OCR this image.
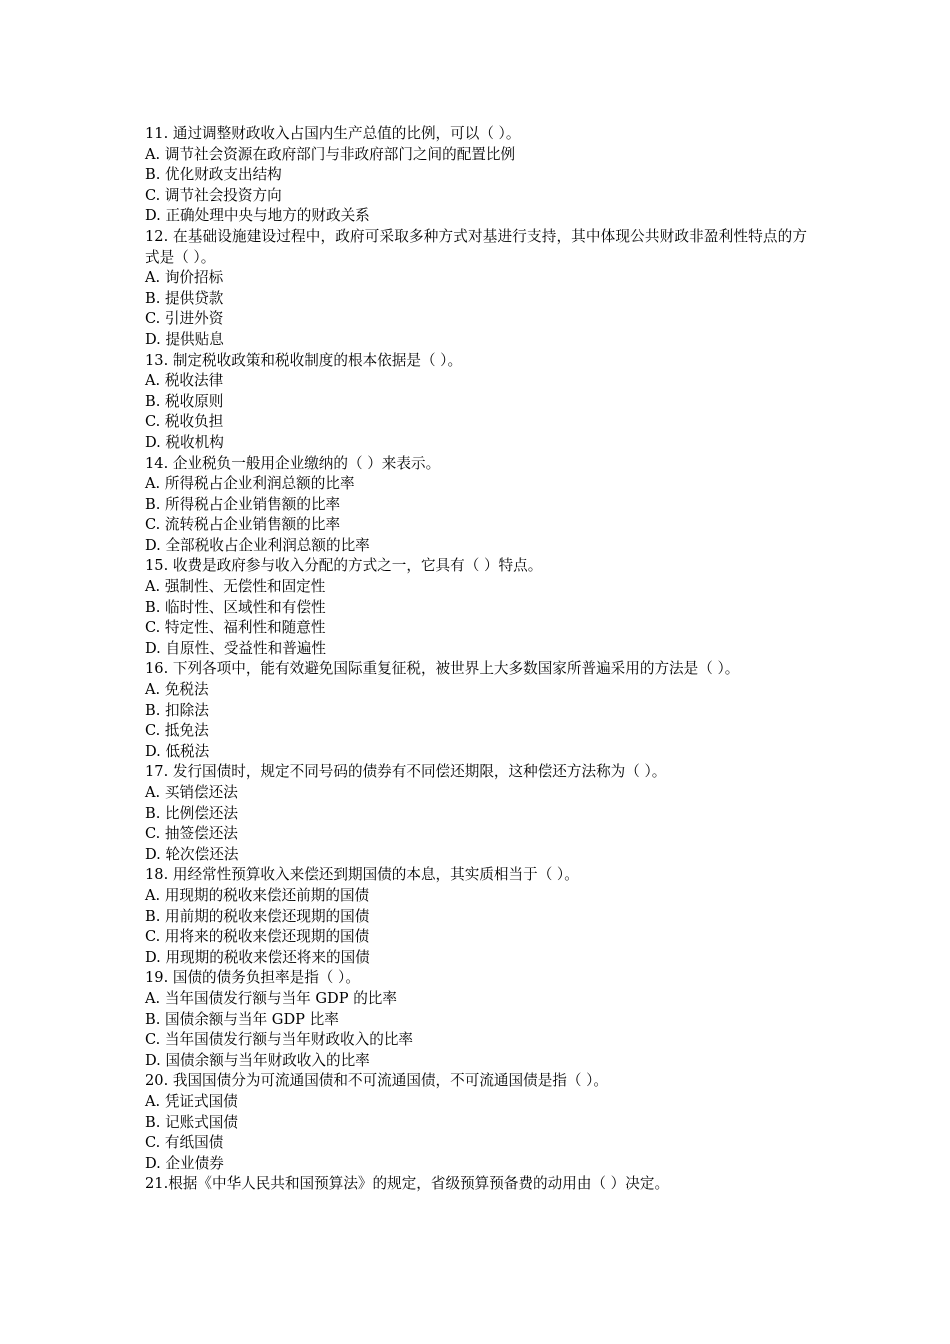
11. 通过调整财政收入占国内生产总值的比例，可以（ ）。

A. 调节社会资源在政府部门与非政府部门之间的配置比例

B. 优化财政支出结构

C. 调节社会投资方向

D. 正确处理中央与地方的财政关系

12. 在基础设施建设过程中，政府可采取多种方式对基进行支持，其中体现公共财政非盈利性特点的方式是（ ）。

A. 询价招标

B. 提供贷款

C. 引进外资

D. 提供贴息

13. 制定税收政策和税收制度的根本依据是（ ）。

A. 税收法律

B. 税收原则

C. 税收负担

D. 税收机构

14. 企业税负一般用企业缴纳的（ ）来表示。

A. 所得税占企业利润总额的比率

B. 所得税占企业销售额的比率

C. 流转税占企业销售额的比率

D. 全部税收占企业利润总额的比率

15. 收费是政府参与收入分配的方式之一，它具有（ ）特点。

A. 强制性、无偿性和固定性

B. 临时性、区域性和有偿性

C. 特定性、福利性和随意性

D. 自原性、受益性和普遍性

16. 下列各项中，能有效避免国际重复征税，被世界上大多数国家所普遍采用的方法是（ ）。

A. 免税法

B. 扣除法

C. 抵免法

D. 低税法

17. 发行国债时，规定不同号码的债券有不同偿还期限，这种偿还方法称为（ ）。

A. 买销偿还法

B. 比例偿还法

C. 抽签偿还法

D. 轮次偿还法

18. 用经常性预算收入来偿还到期国债的本息，其实质相当于（ ）。

A. 用现期的税收来偿还前期的国债

B. 用前期的税收来偿还现期的国债

C. 用将来的税收来偿还现期的国债

D. 用现期的税收来偿还将来的国债

19. 国债的债务负担率是指（ ）。

A. 当年国债发行额与当年 GDP 的比率

B. 国债余额与当年 GDP 比率

C. 当年国债发行额与当年财政收入的比率

D. 国债余额与当年财政收入的比率

20. 我国国债分为可流通国债和不可流通国债，不可流通国债是指（ ）。

A. 凭证式国债

B. 记账式国债

C. 有纸国债

D. 企业债券

21.根据《中华人民共和国预算法》的规定，省级预算预备费的动用由（ ）决定。
